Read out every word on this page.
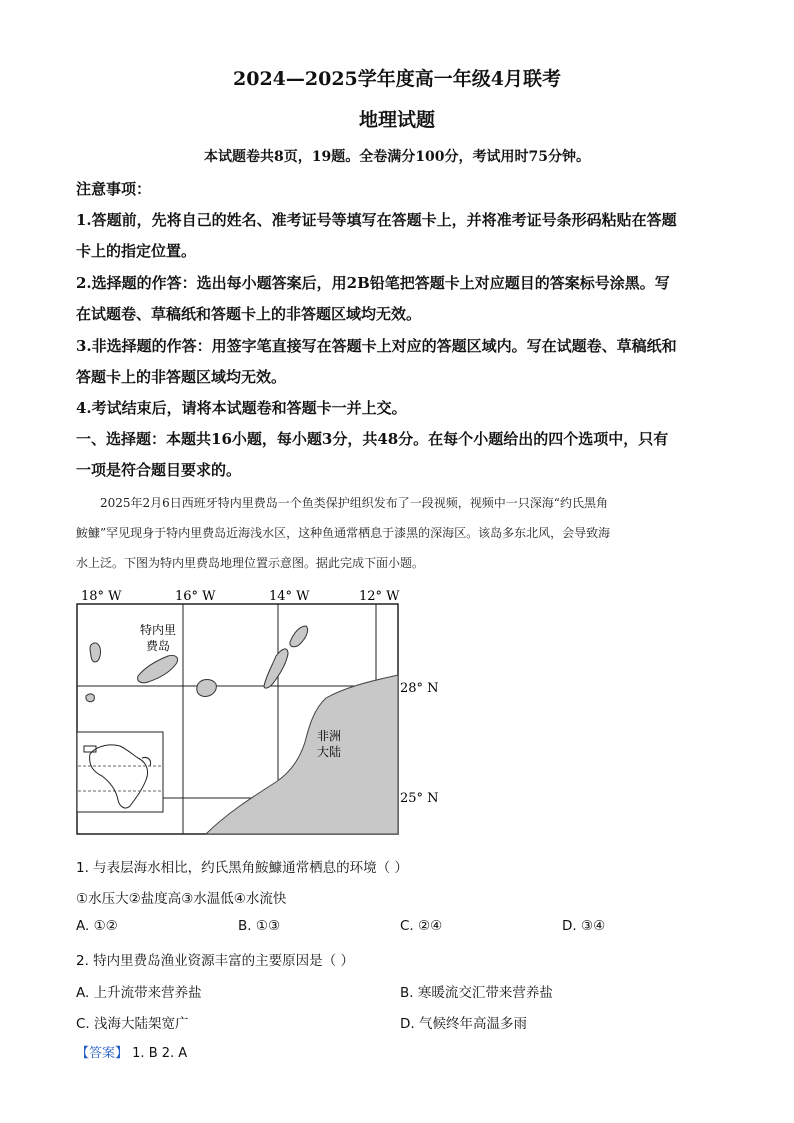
2024—2025学年度高一年级4月联考
地理试题
本试题卷共8页，19题。全卷满分100分，考试用时75分钟。
注意事项：
1.答题前，先将自己的姓名、准考证号等填写在答题卡上，并将准考证号条形码粘贴在答题
卡上的指定位置。
2.选择题的作答：选出每小题答案后，用2B铅笔把答题卡上对应题目的答案标号涂黑。写
在试题卷、草稿纸和答题卡上的非答题区域均无效。
3.非选择题的作答：用签字笔直接写在答题卡上对应的答题区域内。写在试题卷、草稿纸和
答题卡上的非答题区域均无效。
4.考试结束后，请将本试题卷和答题卡一并上交。
一、选择题：本题共16小题，每小题3分，共48分。在每个小题给出的四个选项中，只有
一项是符合题目要求的。
2025年2月6日西班牙特内里费岛一个鱼类保护组织发布了一段视频，视频中一只深海“约氏黑角
鮟鱇”罕见现身于特内里费岛近海浅水区，这种鱼通常栖息于漆黑的深海区。该岛多东北风，会导致海
水上泛。下图为特内里费岛地理位置示意图。据此完成下面小题。
18° W	16° W	14° W	12° W
28° N
25° N
特内里
费岛
非洲
大陆
1. 与表层海水相比，约氏黑角鮟鱇通常栖息的环境（ ）
①水压大②盐度高③水温低④水流快
A. ①②	B. ①③	C. ②④	D. ③④
2. 特内里费岛渔业资源丰富的主要原因是（ ）
A. 上升流带来营养盐	B. 寒暖流交汇带来营养盐
C. 浅海大陆架宽广	D. 气候终年高温多雨
【答案】 1. B 2. A
